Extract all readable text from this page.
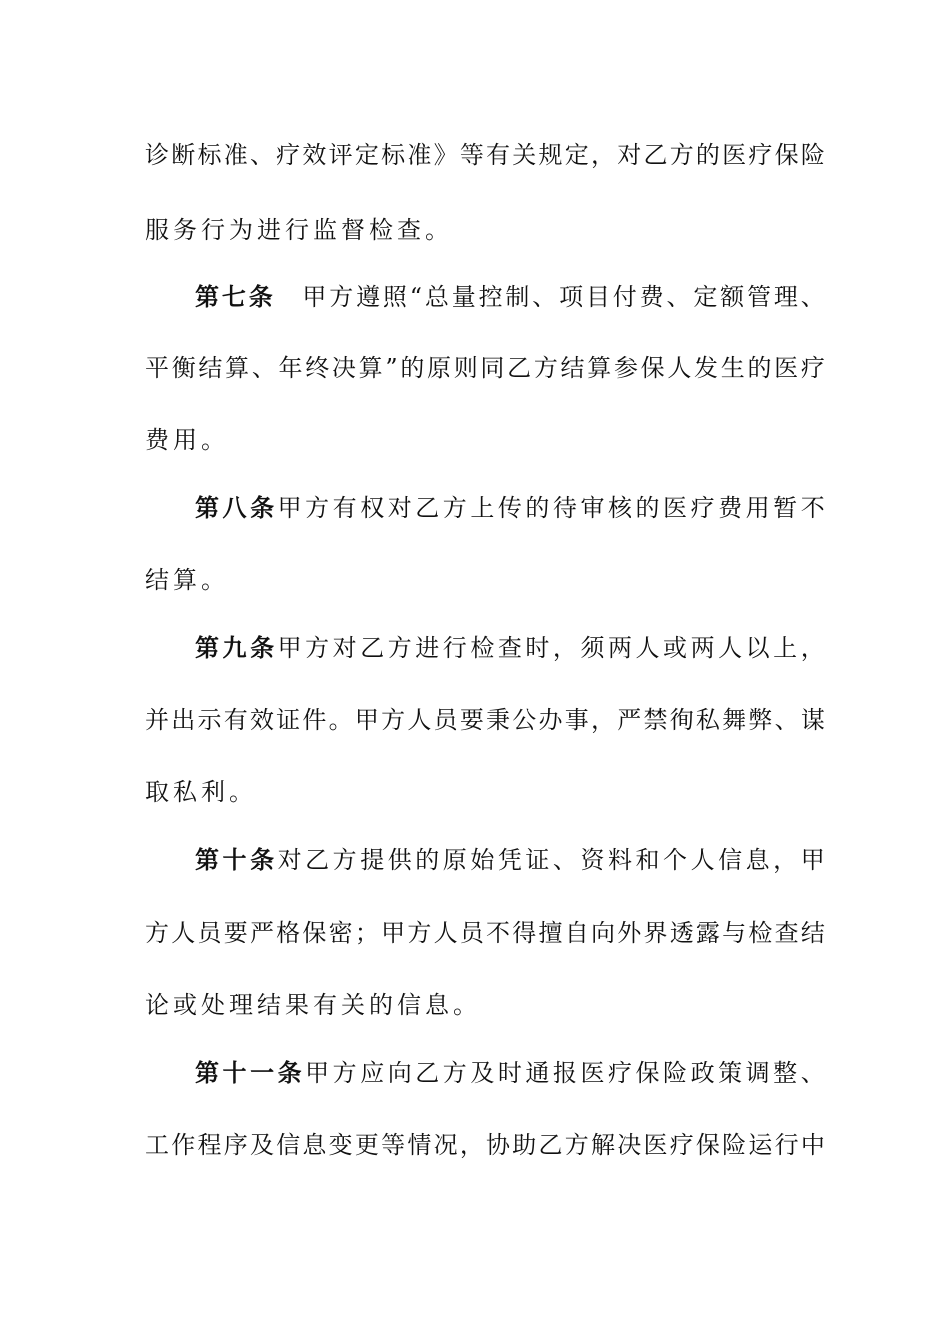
诊 断 标 准 、 疗 效 评 定 标 准 》 等 有 关 规 定 ， 对 乙 方 的 医 疗 保 险
服务行为进行监督检查。
第 七 条
　 甲 方 遵 照 “ 总 量 控 制 、 项 目 付 费 、 定 额 管 理 、
平 衡 结 算 、 年 终 决 算 ” 的 原 则 同 乙 方 结 算 参 保 人 发 生 的 医 疗
费用。
第 八 条 甲 方 有 权 对 乙 方 上 传 的 待 审 核 的 医 疗 费 用 暂 不
结算。
第 九 条 甲 方 对 乙 方 进 行 检 查 时 ， 须 两 人 或 两 人 以 上 ，
并 出 示 有 效 证 件 。 甲 方 人 员 要 秉 公 办 事 ， 严 禁 徇 私 舞 弊 、 谋
取私利。
第 十 条 对 乙 方 提 供 的 原 始 凭 证 、 资 料 和 个 人 信 息 ， 甲
方 人 员 要 严 格 保 密 ； 甲 方 人 员 不 得 擅 自 向 外 界 透 露 与 检 查 结
论或处理结果有关的信息。
第 十 一 条 甲 方 应 向 乙 方 及 时 通 报 医 疗 保 险 政 策 调 整 、
工 作 程 序 及 信 息 变 更 等 情 况 ， 协 助 乙 方 解 决 医 疗 保 险 运 行 中
